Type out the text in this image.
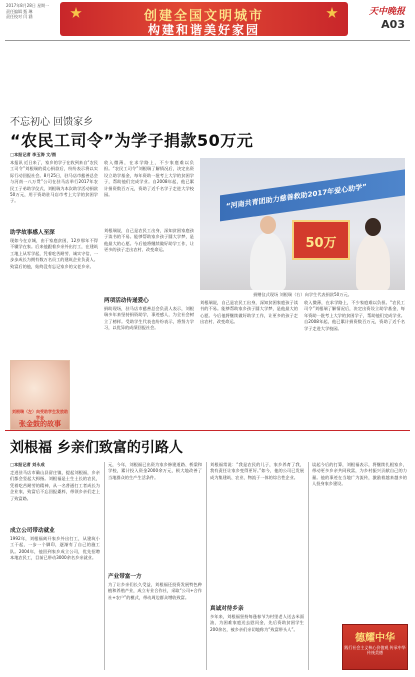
2017年8月28日 星期一
责任编辑 甄 琳
责任校对 闫 涵	创建全国文明城市
构建和谐美好家园
天中晚报
A03
不忘初心 回馈家乡
“农民工司令”为学子捐款50万元
□本报记者 李玉涛 文/图
本报讯 近日来了，家乡的学子在收到来自“农民工司令”刘根瑞的爱心捐款后，纷纷表示将以实际行动回报社会。8月25日，驻马店市慈善总会与河南一八万贯”公司在驻马店举行2017年农民工子弟助学仪式，刘根瑞为本次助学活动捐款50万元，用于资助驻马店市考上大学的贫困学子。
助学故事感人至深
现如今在京城，由于家庭贫困，12岁那年不得不辍学在家。后来他跟着乡亲外出打工，在建筑工地上从零学起，凭着吃苦耐劳、诚实守信，一步步成长为拥有数万名员工的建筑企业负责人。致富后的他，始终没有忘记家乡的父老乡亲。
收入微薄，在求学路上，不少家庭难以负担。“农民工司令”刘根瑞了解情况后，决定出资设立助学基金，每年资助一批考上大学的贫困学子，帮助他们完成学业。自2008年起，他已累计捐资数百万元，资助了近千名学子走进大学校园。
刘根瑞说，自己是农民工出身，深知贫困家庭孩子读书的不易。能够帮助家乡孩子圆大学梦，是他最大的心愿。今后他将继续做好助学工作，让更多的孩子走出农村、改变命运。
两项活动传递爱心
捐助现场，驻马店市慈善总会负责人表示，刘根瑞多年来坚持捐资助学，事迹感人，为全社会树立了榜样。受助学生代表也纷纷表示，将努力学习，以优异的成绩回报社会。
“河南共青团助力慈善救助2017年爱心助学”
50万
捐赠仪式现场 刘根瑞（右）向学生代表捐款50万元。
刘根瑞说，自己是农民工出身，深知贫困家庭孩子读书的不易。能够帮助家乡孩子圆大学梦，是他最大的心愿。今后他将继续做好助学工作，让更多的孩子走出农村、改变命运。
收入微薄，在求学路上，不少家庭难以负担。“农民工司令”刘根瑞了解情况后，决定出资设立助学基金，每年资助一批考上大学的贫困学子，帮助他们完成学业。自2008年起，他已累计捐资数百万元，资助了近千名学子走进大学校园。
刘根瑞（左）向受助学生发放助学金
张金鼓的故事
刘根福 乡亲们致富的引路人
□本报记者 刘永成
走进驻马店市确山县留庄镇，提起刘根福，乡亲们都会竖起大拇指。刘根福是土生土长的农民，凭着吃苦耐劳的精神，从一名普通打工者成长为企业家，致富后不忘回报桑梓，带领乡亲们走上了致富路。
成立公司带动就业
1992年，刘根福离开家乡外出打工，从建筑小工干起，一步一个脚印，逐渐有了自己的施工队。2004年，他回到家乡成立公司，优先招聘本地农民工，目前已带动3000余名乡亲就业。
元，今年，刘根福已出资为家乡修建道路、桥梁和学校，累计投入资金2000余万元，极大地改善了当地群众的生产生活条件。
产业带富一方
为了让乡亲们长久受益，刘根福还投资发展特色种植和养殖产业，成立专业合作社，采取“公司+合作社+农户”的模式，带动周边群众增收致富。
刘根福常说：“我是农民的儿子，家乡养育了我，我有责任让家乡变得更好。”如今，他的公司已发展成为集建筑、农业、物流于一体的综合性企业。
真诚对待乡亲
多年来，刘根福坚持每逢春节为村里老人送去米面油，为困难家庭送去慰问金，先后资助贫困学生200余名，被乡亲们亲切地称为“致富带头人”。
谈起今后的打算，刘根福表示，将继续扎根家乡，带动更多乡亲共同致富，为乡村振兴贡献自己的力量。他的事迹在当地广为流传，激励着越来越多的人投身家乡建设。
德耀中华
践行社会主义核心价值观 传承中华传统美德
